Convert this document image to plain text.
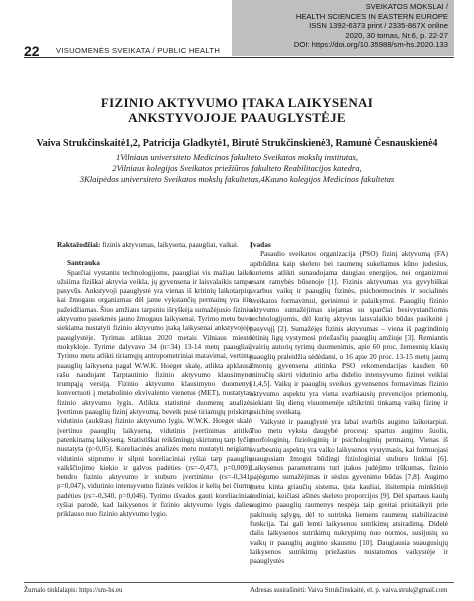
SVEIKATOS MOKSLAI /
HEALTH SCIENCES IN EASTERN EUROPE
ISSN 1392-6373 print / 2335-867X online
2020, 30 tomas, Nr.6, p. 22-27
DOI: https://doi.org/10.35988/sm-hs.2020.133
22 VISUOMENĖS SVEIKATA / PUBLIC HEALTH
FIZINIO AKTYVUMO ĮTAKA LAIKYSENAI
ANKSTYVOJOJE PAAUGLYSTĖJE
Vaiva Strukčinskaitė1,2, Patricija Gladkytė1, Birutė Strukčinskienė3, Ramunė Česnauskienė4
1Vilniaus universiteto Medicinos fakulteto Sveikatos mokslų institutas,
2Vilniaus kolegijos Sveikatos priežiūros fakulteto Reabilitacijos katedra,
3Klaipėdos universiteto Sveikatos mokslų fakultetas,4Kauno kolegijos Medicinos fakultetas

Raktažodžiai: fizinis aktyvumas, laikysena, paaugliai, vaikai.

Santrauka

Sparčiai vystantis technologijoms, paaugliai vis mažiau laiko užsiima fiziškai aktyvia veikla, jų gyvensena ir laisvalaikis tampa pasyvūs. Ankstyvoji paauglystė yra vienas iš kritinių laikotarpių, kai žmogaus organizmas dėl jame vykstančių permainų yra itin pažeidžiamas. Šiuo amžiaus tarpsniu išryškėja sumažėjusio fizinio aktyvumo pasekmės jauno žmogaus laikysenai. Tyrimo metu buvo siekiama nustatyti fizinio aktyvumo įtaką laikysenai ankstyvojoje paauglystėje. Tyrimas atliktas 2020 metais Vilniaus miesto mokykloje. Tyrime dalyvavo 34 (n=34) 13-14 metų paaugliai. Tyrimo metu atlikti tiriamųjų antropometriniai matavimai, vertinta paauglių laikysena pagal W.W.K. Hoeger skalę, atlikta apklausa rašu naudojant Tarptautinio fizinio aktyvumo klausimyno trumpąją versiją. Fizinio aktyvumo klausimyno duomenys konvertuoti į metabolinio ekvivalento vienetus (MET), nustatytas fizinio aktyvumo lygis. Atlikta statistinė duomenų analizė. Įvertinus paauglių fizinį aktyvumą, beveik pusė tiriamųjų priskirta vidutinio (aukštas) fizinio aktyvumo lygis. W.W.K. Hoeger skalė įvertinus paauglių laikyseną, vidutinis įvertinimas atitiko patenkinamą laikyseną. Statistiškai reikšmingų skirtumų tarp lyčių nustatyta (p>0,05). Koreliacinės analizės metu nustatyti neigiami vidutinio stiprumo ir silpni koreliaciniai ryšiai tarp paauglių vaikščiojimo kiekio ir galvos padėties (rs=-0,473, p=0,009), bendro fizinio aktyvumo ir stuburo įvertinimo (rs=-0,341, p=0,047), vidutinio intensyvumo fizinės veiklos ir kelių bei čiurnų padėties (rs=-0,340, p=0,046). Tyrimo išvados gauti koreliaciniai ryšiai parodė, kad laikysenos ir fizinio aktyvumo lygis dalies priklauso nuo fizinio aktyvumo lygio.

Įvadas

Pasaulio sveikatos organizacija (PSO) fizinį aktyvumą (FA) apibūdina kaip skeleto bei raumenų sukeliamus kūno judesius, kuriems atlikti sunaudojama daugiau energijos, nei organizmui esant ramybės būsenoje [1]. Fizinis aktyvumas yra gyvybiškai svarbus vaikų ir paauglių fizinės, psichoemocinės ir socialinės sveikatos formavimui, gerinimui ir palaikymui. Paauglių fizinio aktyvumo sumažėjimas siejamas su sparčiai besivystančiomis technologijomis, dėl kurių aktyvus laisvalaikio būdas pasikeitė į pasyvųjį [2]. Sumažėjęs fizinis aktyvumas – viena iš pagrindinių lėtinių ligų vystymosi priežasčių paauglių amžiuje [3]. Remiantis įvairių autorių tyrimų duomenimis, apie 60 proc. žemesnių klasių paauglių praleidžia sėdėdami, o 16 apie 20 proc. 13-15 metų jaunų žmonių gyvensena atitinka PSO rekomendacijas kasdien 60 minučių skirti vidutinio arba didelio intensyvumo fizinei veiklai [1,4,5]. Vaikų ir paauglių sveikos gyvensenos formavimas fizinio aktyvumo aspektu yra viena svarbiausių prevencijos priemonių, siekiant šių dienų visuomenėje užtikrinti tinkamą vaikų fizinę ir psichinę sveikatą.

Vaikystė ir paauglystė yra labai svarbūs augimo laikotarpiai. Tuo metu vyksta daugybė procesų: spartus augimo šuolis, morfologinių, fiziologinių ir psichologinių permainų. Vienas iš svarbesnių aspektų yra vaiko laikysenos vystymasis, kai formuojasi suaugusiam žmogui būdingi fiziologiniai stuburo linkiai [6]. Laikysenos parametrams turi įtakos judėjimo trūkumas, fizinio pajėgumo sumažėjimas ir sėslus gyvenimo būdas [7,8]. Augimo metu kinta griaučių sistema, tįsta kauliai, išsitempia minkštieji audiniai, keičiasi ašinės skeleto proporcijos [9]. Dėl spartaus kaulų augimo paauglių raumenys nespėja taip greitai prisitaikyti prie pakitusių sąlygų, dėl to sutrinka liemens raumenų stabilizacinė funkcija. Tai gali lemti laikysenos sutrikimų atsiradimą. Didelė dalis laikysenos sutrikimų nukrypimų nuo normos, susijusių su vaikų ir paauglių augimo skausmu [10]. Daugiausia suaugusiųjų laikysenos sutrikimų priežasties nustatomos vaikystėje ir paauglystės

Žurnalo tinklalapis: https://sm-hs.eu	Adresas susirašinėti: Vaiva Strukčinskaitė, el. p. vaiva.struk@gmail.com
